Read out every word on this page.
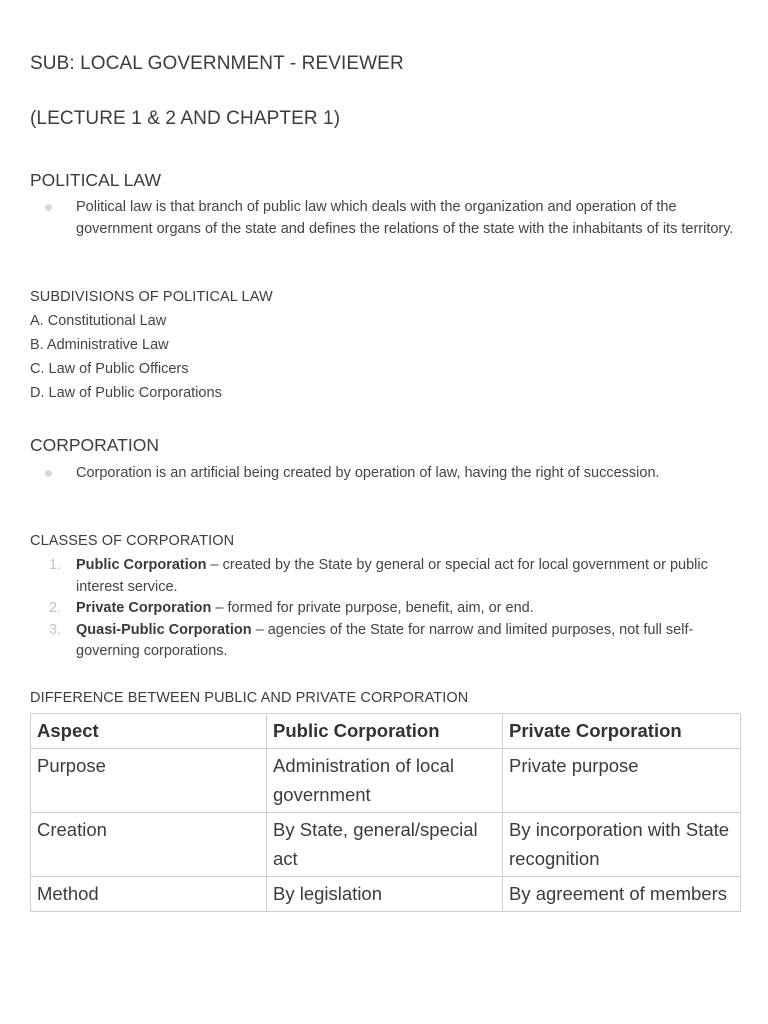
SUB: LOCAL GOVERNMENT - REVIEWER
(LECTURE 1 & 2 AND CHAPTER 1)
POLITICAL LAW
Political law is that branch of public law which deals with the organization and operation of the government organs of the state and defines the relations of the state with the inhabitants of its territory.
SUBDIVISIONS OF POLITICAL LAW
A. Constitutional Law
B. Administrative Law
C. Law of Public Officers
D. Law of Public Corporations
CORPORATION
Corporation is an artificial being created by operation of law, having the right of succession.
CLASSES OF CORPORATION
1. Public Corporation – created by the State by general or special act for local government or public interest service.
2. Private Corporation – formed for private purpose, benefit, aim, or end.
3. Quasi-Public Corporation – agencies of the State for narrow and limited purposes, not full self-governing corporations.
DIFFERENCE BETWEEN PUBLIC AND PRIVATE CORPORATION
Aspect	Public Corporation	Private Corporation
Purpose	Administration of local government	Private purpose
Creation	By State, general/special act	By incorporation with State recognition
Method	By legislation	By agreement of members
